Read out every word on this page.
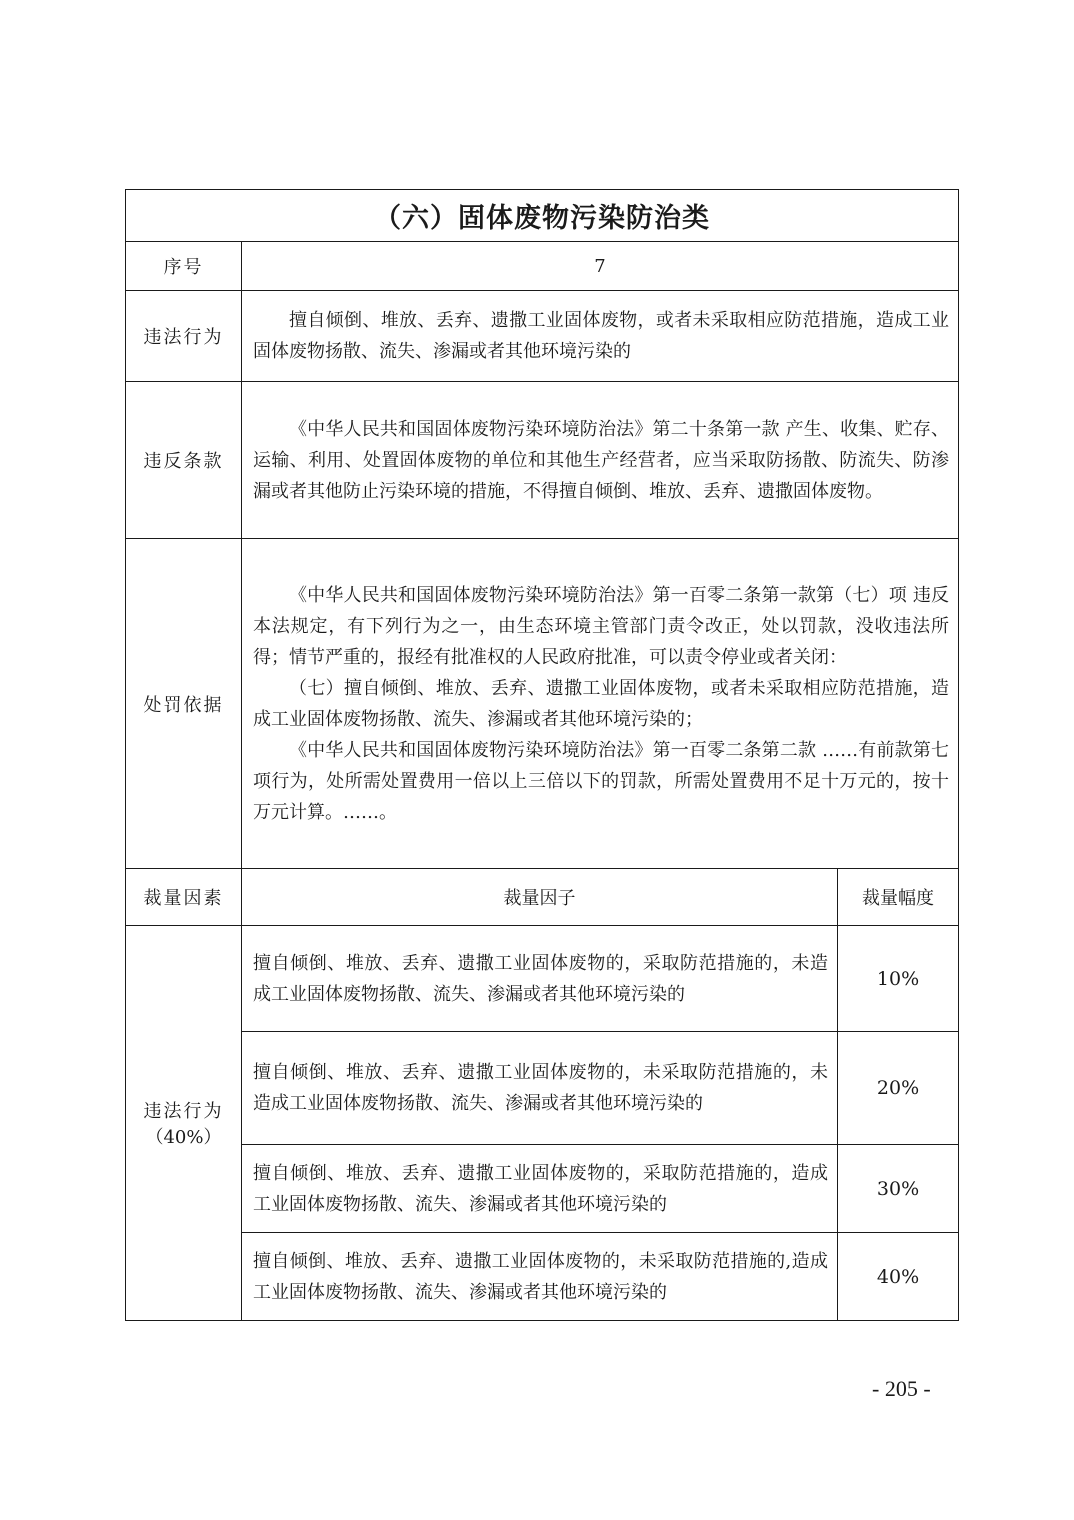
（六）固体废物污染防治类		
序号	7	
违法行为	擅自倾倒、堆放、丢弃、遗撒工业固体废物，或者未采取相应防范措施，造成工业固体废物扬散、流失、渗漏或者其他环境污染的	

违反条款	《中华人民共和国固体废物污染环境防治法》第二十条第一款 产生、收集、贮存、运输、利用、处置固体废物的单位和其他生产经营者，应当采取防扬散、防流失、防渗漏或者其他防止污染环境的措施，不得擅自倾倒、堆放、丢弃、遗撒固体废物。	

处罚依据	《中华人民共和国固体废物污染环境防治法》第一百零二条第一款第（七）项 违反本法规定，有下列行为之一，由生态环境主管部门责令改正，处以罚款，没收违法所得；情节严重的，报经有批准权的人民政府批准，可以责令停业或者关闭：

（七）擅自倾倒、堆放、丢弃、遗撒工业固体废物，或者未采取相应防范措施，造成工业固体废物扬散、流失、渗漏或者其他环境污染的；

《中华人民共和国固体废物污染环境防治法》第一百零二条第二款 ……有前款第七项行为，处所需处置费用一倍以上三倍以下的罚款，所需处置费用不足十万元的，按十万元计算。……。	

裁量因素	裁量因子	裁量幅度

违法行为
（40%）	擅自倾倒、堆放、丢弃、遗撒工业固体废物的，采取防范措施的，未造成工业固体废物扬散、流失、渗漏或者其他环境污染的	10%
	擅自倾倒、堆放、丢弃、遗撒工业固体废物的，未采取防范措施的，未造成工业固体废物扬散、流失、渗漏或者其他环境污染的	20%
	擅自倾倒、堆放、丢弃、遗撒工业固体废物的，采取防范措施的，造成工业固体废物扬散、流失、渗漏或者其他环境污染的	30%
	擅自倾倒、堆放、丢弃、遗撒工业固体废物的，未采取防范措施的,造成工业固体废物扬散、流失、渗漏或者其他环境污染的	40%
- 205 -
